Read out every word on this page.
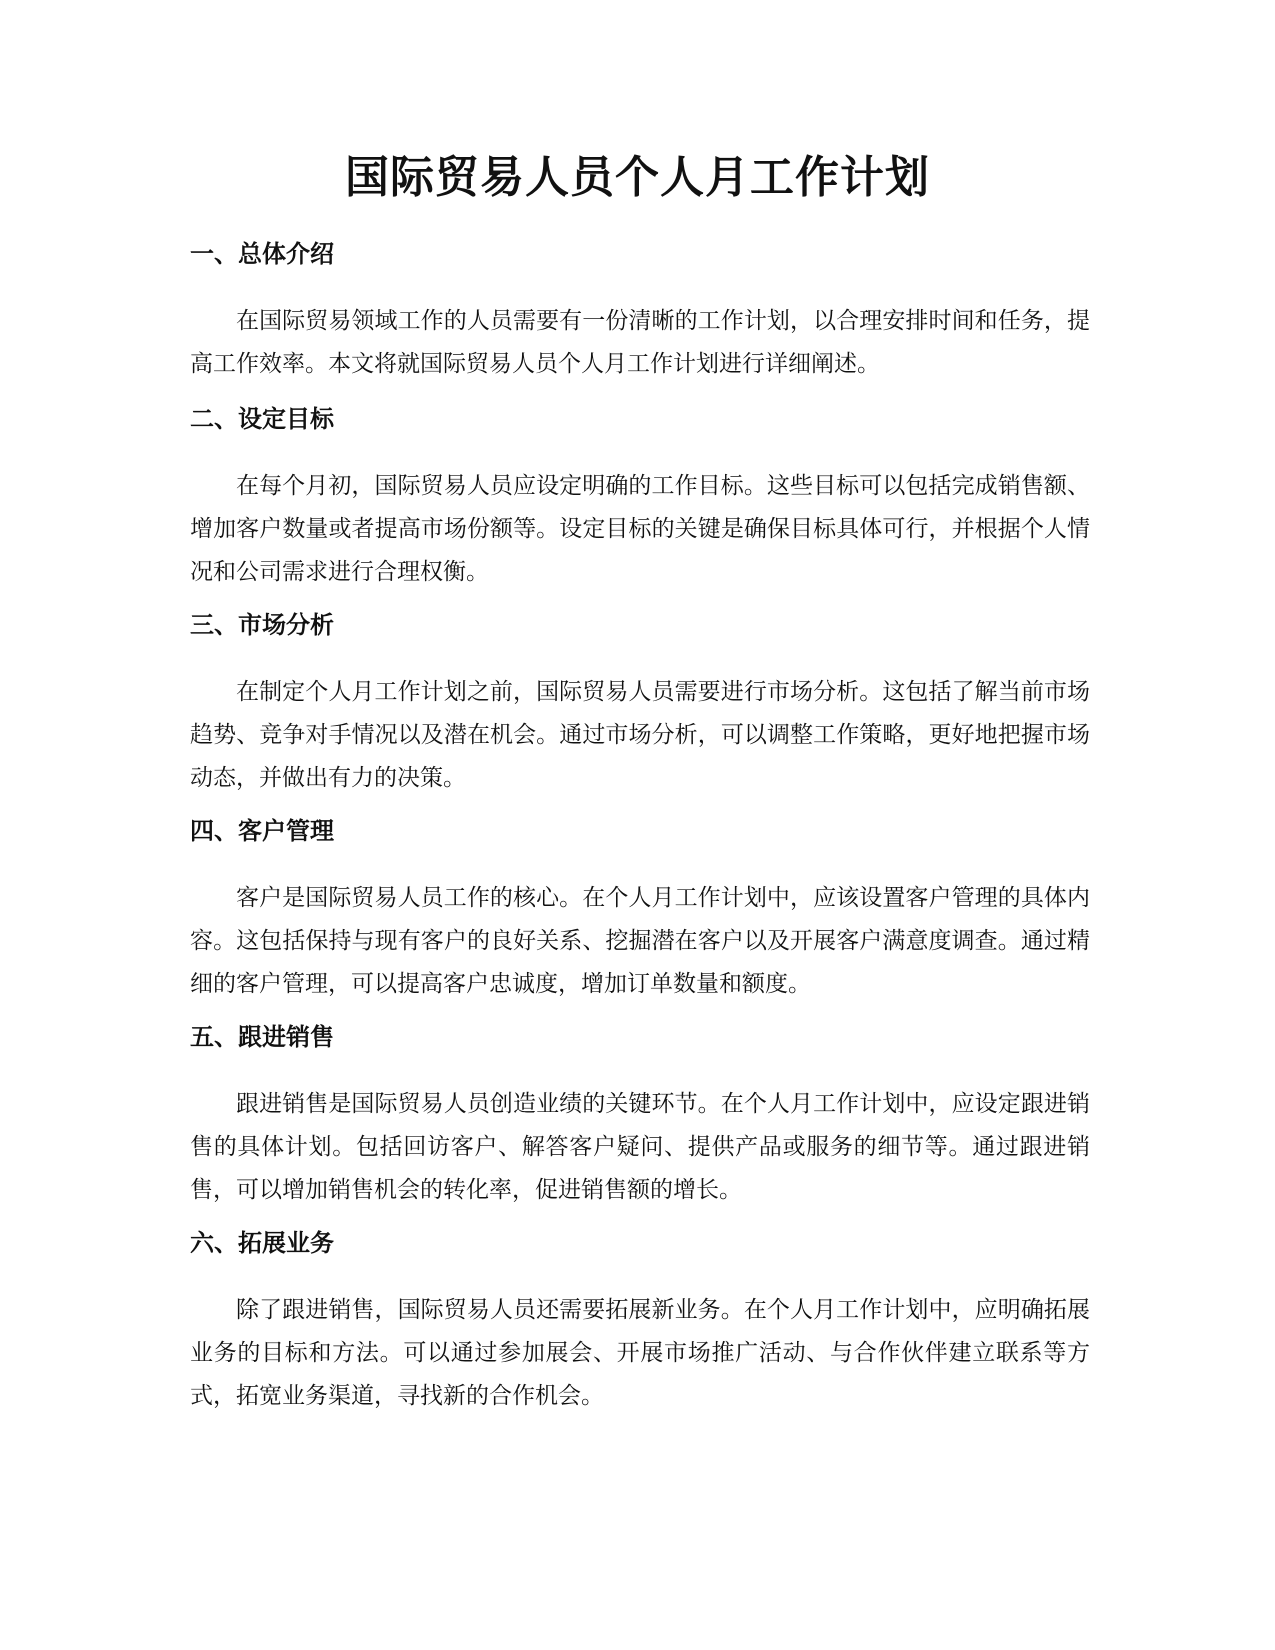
国际贸易人员个人月工作计划
一、总体介绍

在国际贸易领域工作的人员需要有一份清晰的工作计划，以合理安排时间和任务，提高工作效率。本文将就国际贸易人员个人月工作计划进行详细阐述。

二、设定目标

在每个月初，国际贸易人员应设定明确的工作目标。这些目标可以包括完成销售额、增加客户数量或者提高市场份额等。设定目标的关键是确保目标具体可行，并根据个人情况和公司需求进行合理权衡。

三、市场分析

在制定个人月工作计划之前，国际贸易人员需要进行市场分析。这包括了解当前市场趋势、竞争对手情况以及潜在机会。通过市场分析，可以调整工作策略，更好地把握市场动态，并做出有力的决策。

四、客户管理

客户是国际贸易人员工作的核心。在个人月工作计划中，应该设置客户管理的具体内容。这包括保持与现有客户的良好关系、挖掘潜在客户以及开展客户满意度调查。通过精细的客户管理，可以提高客户忠诚度，增加订单数量和额度。

五、跟进销售

跟进销售是国际贸易人员创造业绩的关键环节。在个人月工作计划中，应设定跟进销售的具体计划。包括回访客户、解答客户疑问、提供产品或服务的细节等。通过跟进销售，可以增加销售机会的转化率，促进销售额的增长。

六、拓展业务

除了跟进销售，国际贸易人员还需要拓展新业务。在个人月工作计划中，应明确拓展业务的目标和方法。可以通过参加展会、开展市场推广活动、与合作伙伴建立联系等方式，拓宽业务渠道，寻找新的合作机会。
